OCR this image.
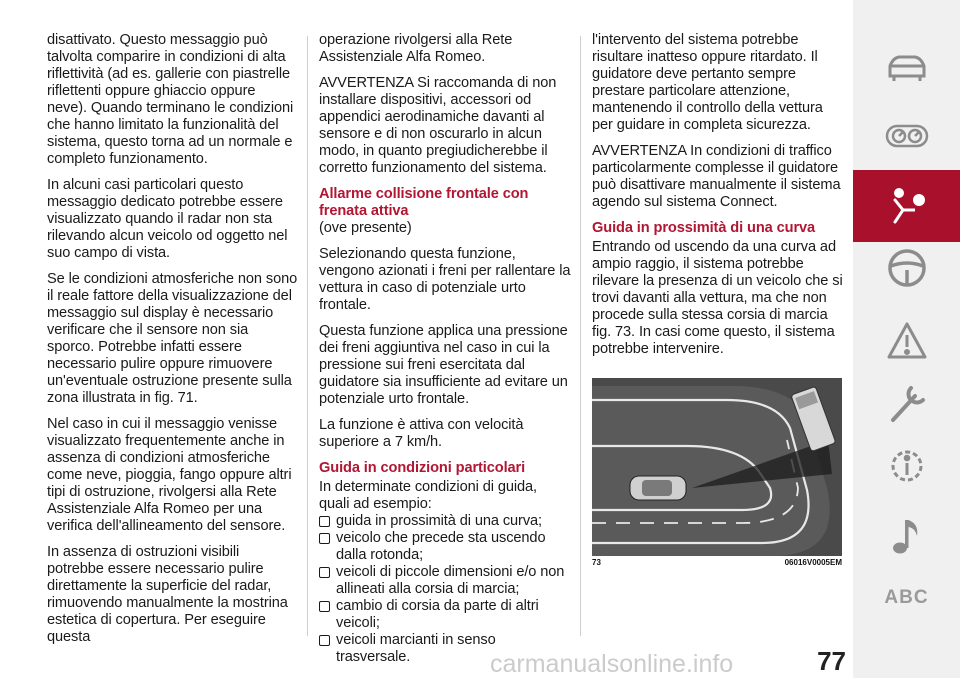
disattivato. Questo messaggio può talvolta comparire in condizioni di alta riflettività (ad es. gallerie con piastrelle riflettenti oppure ghiaccio oppure neve). Quando terminano le condizioni che hanno limitato la funzionalità del sistema, questo torna ad un normale e completo funzionamento.

In alcuni casi particolari questo messaggio dedicato potrebbe essere visualizzato quando il radar non sta rilevando alcun veicolo od oggetto nel suo campo di vista.

Se le condizioni atmosferiche non sono il reale fattore della visualizzazione del messaggio sul display è necessario verificare che il sensore non sia sporco. Potrebbe infatti essere necessario pulire oppure rimuovere un'eventuale ostruzione presente sulla zona illustrata in fig. 71.

Nel caso in cui il messaggio venisse visualizzato frequentemente anche in assenza di condizioni atmosferiche come neve, pioggia, fango oppure altri tipi di ostruzione, rivolgersi alla Rete Assistenziale Alfa Romeo per una verifica dell'allineamento del sensore.

In assenza di ostruzioni visibili potrebbe essere necessario pulire direttamente la superficie del radar, rimuovendo manualmente la mostrina estetica di copertura. Per eseguire questa

operazione rivolgersi alla Rete Assistenziale Alfa Romeo.

AVVERTENZA Si raccomanda di non installare dispositivi, accessori od appendici aerodinamiche davanti al sensore e di non oscurarlo in alcun modo, in quanto pregiudicherebbe il corretto funzionamento del sistema.

Allarme collisione frontale con frenata attiva

(ove presente)

Selezionando questa funzione, vengono azionati i freni per rallentare la vettura in caso di potenziale urto frontale.

Questa funzione applica una pressione dei freni aggiuntiva nel caso in cui la pressione sui freni esercitata dal guidatore sia insufficiente ad evitare un potenziale urto frontale.

La funzione è attiva con velocità superiore a 7 km/h.

Guida in condizioni particolari

In determinate condizioni di guida, quali ad esempio:

guida in prossimità di una curva;
veicolo che precede sta uscendo dalla rotonda;
veicoli di piccole dimensioni e/o non allineati alla corsia di marcia;
cambio di corsia da parte di altri veicoli;
veicoli marcianti in senso trasversale.

l'intervento del sistema potrebbe risultare inatteso oppure ritardato. Il guidatore deve pertanto sempre prestare particolare attenzione, mantenendo il controllo della vettura per guidare in completa sicurezza.

AVVERTENZA In condizioni di traffico particolarmente complesse il guidatore può disattivare manualmente il sistema agendo sul sistema Connect.

Guida in prossimità di una curva

Entrando od uscendo da una curva ad ampio raggio, il sistema potrebbe rilevare la presenza di un veicolo che si trovi davanti alla vettura, ma che non procede sulla stessa corsia di marcia fig. 73. In casi come questo, il sistema potrebbe intervenire.

73	06016V0005EM
ABC
carmanualsonline.info	77
